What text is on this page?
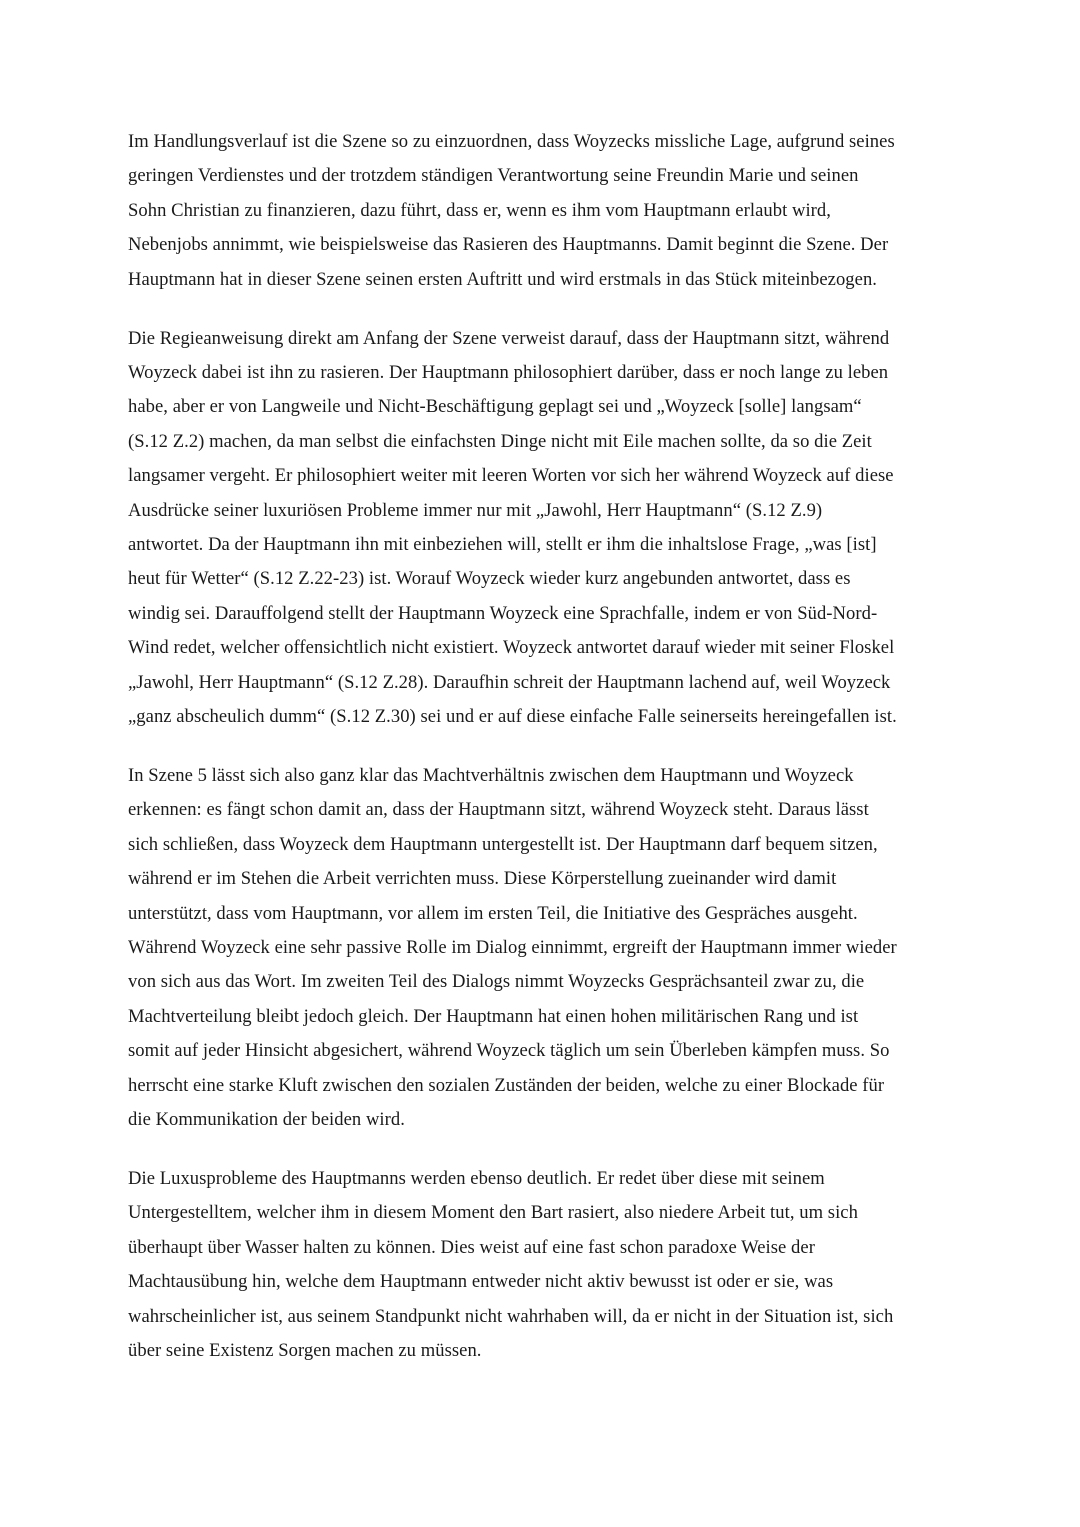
Im Handlungsverlauf ist die Szene so zu einzuordnen, dass Woyzecks missliche Lage, aufgrund seines
geringen Verdienstes und der trotzdem ständigen Verantwortung seine Freundin Marie und seinen
Sohn Christian zu finanzieren, dazu führt, dass er, wenn es ihm vom Hauptmann erlaubt wird,
Nebenjobs annimmt, wie beispielsweise das Rasieren des Hauptmanns. Damit beginnt die Szene. Der
Hauptmann hat in dieser Szene seinen ersten Auftritt und wird erstmals in das Stück miteinbezogen.

Die Regieanweisung direkt am Anfang der Szene verweist darauf, dass der Hauptmann sitzt, während
Woyzeck dabei ist ihn zu rasieren. Der Hauptmann philosophiert darüber, dass er noch lange zu leben
habe, aber er von Langweile und Nicht-Beschäftigung geplagt sei und „Woyzeck [solle] langsam“
(S.12 Z.2) machen, da man selbst die einfachsten Dinge nicht mit Eile machen sollte, da so die Zeit
langsamer vergeht. Er philosophiert weiter mit leeren Worten vor sich her während Woyzeck auf diese
Ausdrücke seiner luxuriösen Probleme immer nur mit „Jawohl, Herr Hauptmann“ (S.12 Z.9)
antwortet. Da der Hauptmann ihn mit einbeziehen will, stellt er ihm die inhaltslose Frage, „was [ist]
heut für Wetter“ (S.12 Z.22-23) ist. Worauf Woyzeck wieder kurz angebunden antwortet, dass es
windig sei. Darauffolgend stellt der Hauptmann Woyzeck eine Sprachfalle, indem er von Süd-Nord-
Wind redet, welcher offensichtlich nicht existiert. Woyzeck antwortet darauf wieder mit seiner Floskel
„Jawohl, Herr Hauptmann“ (S.12 Z.28). Daraufhin schreit der Hauptmann lachend auf, weil Woyzeck
„ganz abscheulich dumm“ (S.12 Z.30) sei und er auf diese einfache Falle seinerseits hereingefallen ist.

In Szene 5 lässt sich also ganz klar das Machtverhältnis zwischen dem Hauptmann und Woyzeck
erkennen: es fängt schon damit an, dass der Hauptmann sitzt, während Woyzeck steht. Daraus lässt
sich schließen, dass Woyzeck dem Hauptmann untergestellt ist. Der Hauptmann darf bequem sitzen,
während er im Stehen die Arbeit verrichten muss. Diese Körperstellung zueinander wird damit
unterstützt, dass vom Hauptmann, vor allem im ersten Teil, die Initiative des Gespräches ausgeht.
Während Woyzeck eine sehr passive Rolle im Dialog einnimmt, ergreift der Hauptmann immer wieder
von sich aus das Wort. Im zweiten Teil des Dialogs nimmt Woyzecks Gesprächsanteil zwar zu, die
Machtverteilung bleibt jedoch gleich. Der Hauptmann hat einen hohen militärischen Rang und ist
somit auf jeder Hinsicht abgesichert, während Woyzeck täglich um sein Überleben kämpfen muss. So
herrscht eine starke Kluft zwischen den sozialen Zuständen der beiden, welche zu einer Blockade für
die Kommunikation der beiden wird.

Die Luxusprobleme des Hauptmanns werden ebenso deutlich. Er redet über diese mit seinem
Untergestelltem, welcher ihm in diesem Moment den Bart rasiert, also niedere Arbeit tut, um sich
überhaupt über Wasser halten zu können. Dies weist auf eine fast schon paradoxe Weise der
Machtausübung hin, welche dem Hauptmann entweder nicht aktiv bewusst ist oder er sie, was
wahrscheinlicher ist, aus seinem Standpunkt nicht wahrhaben will, da er nicht in der Situation ist, sich
über seine Existenz Sorgen machen zu müssen.
